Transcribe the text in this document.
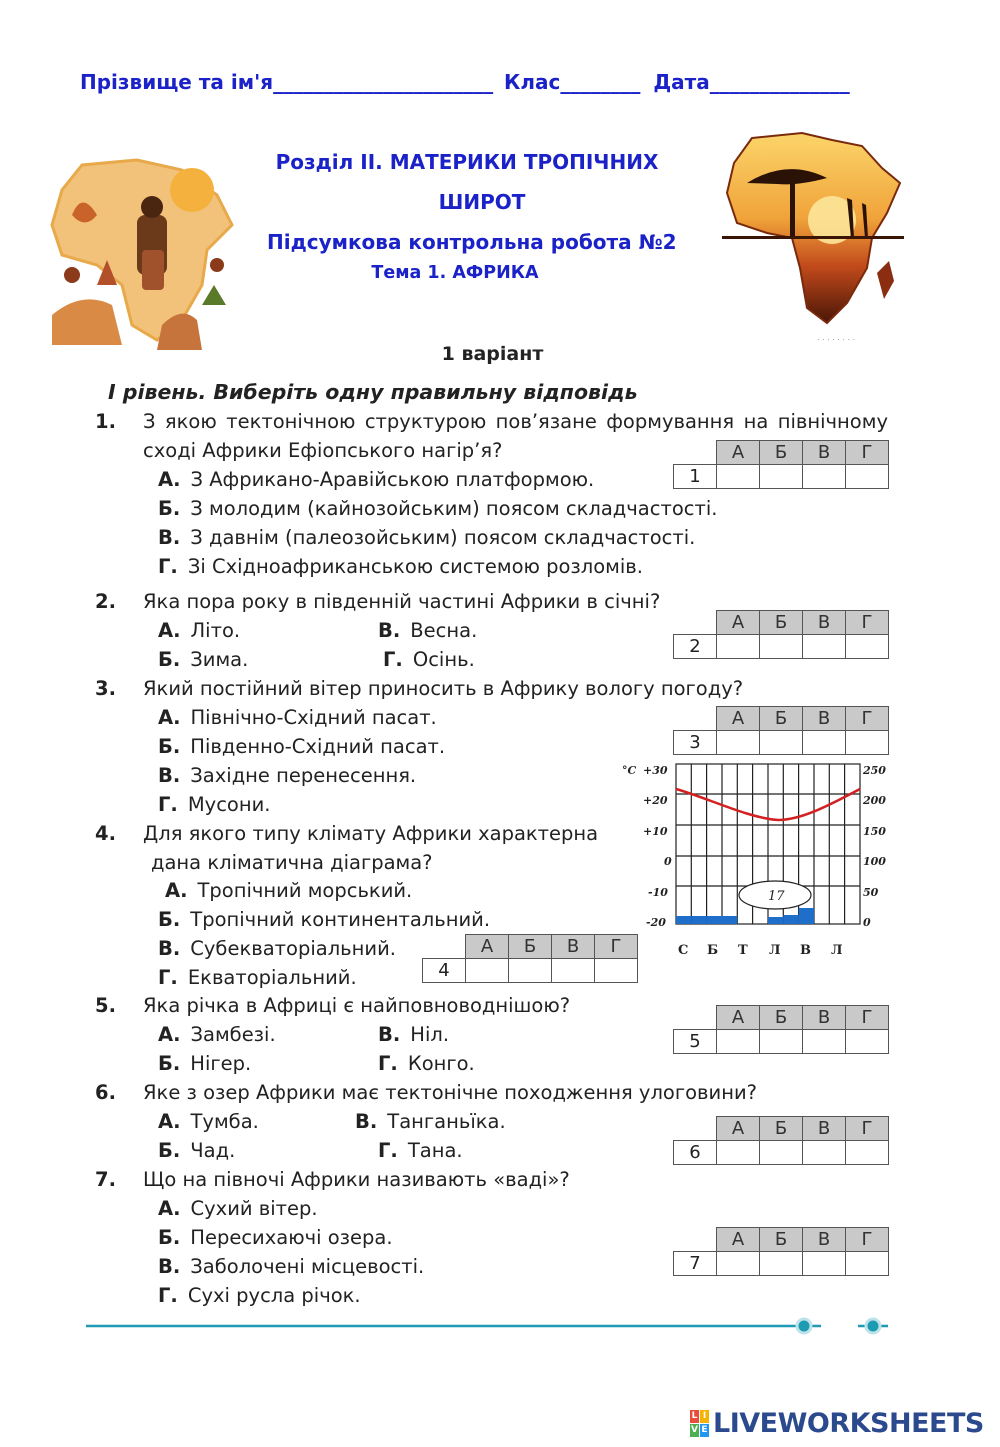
Прізвище та ім'я______________________ Клас________ Дата______________
. . . . . . . .
Розділ ІІ. МАТЕРИКИ ТРОПІЧНИХ
ШИРОТ
Підсумкова контрольна робота №2
Тема 1. АФРИКА
1 варіант
І рівень. Виберіть одну правильну відповідь
1. З якою тектонічною структурою пов’язане формування на північному
сході Африки Ефіопського нагір’я?
А. З Африкано-Аравійською платформою.
Б. З молодим (кайнозойським) поясом складчастості.
В. З давнім (палеозойським) поясом складчастості.
Г. Зі Східноафриканською системою розломів.
2. Яка пора року в південній частині Африки в січні?
А. Літо.	В. Весна.
Б. Зима.	Г. Осінь.
3. Який постійний вітер приносить в Африку вологу погоду?
А. Північно-Східний пасат.
Б. Південно-Східний пасат.
В. Західне перенесення.
Г. Мусони.
4. Для якого типу клімату Африки характерна
дана кліматична діаграма?
А. Тропічний морський.
Б. Тропічний континентальний.
В. Субекваторіальний.
Г. Екваторіальний.
5. Яка річка в Африці є найповноводнішою?
А. Замбезі.	В. Ніл.
Б. Нігер.	Г. Конго.
6. Яке з озер Африки має тектонічне походження улоговини?
А. Тумба.	В. Танганьїка.
Б. Чад.	Г. Тана.
7. Що на півночі Африки називають «ваді»?
А. Сухий вітер.
Б. Пересихаючі озера.
В. Заболочені місцевості.
Г. Сухі русла річок.
	А	Б	В	Г
1				
	А	Б	В	Г
2				
	А	Б	В	Г
3				
	А	Б	В	Г
4				
	А	Б	В	Г
5				
	А	Б	В	Г
6				
	А	Б	В	Г
7				
°C +30
+20
+10
0
-10
-20
250
200
150
100
50
0
17
С Б Т Л В Л
L I
V E LIVEWORKSHEETS
